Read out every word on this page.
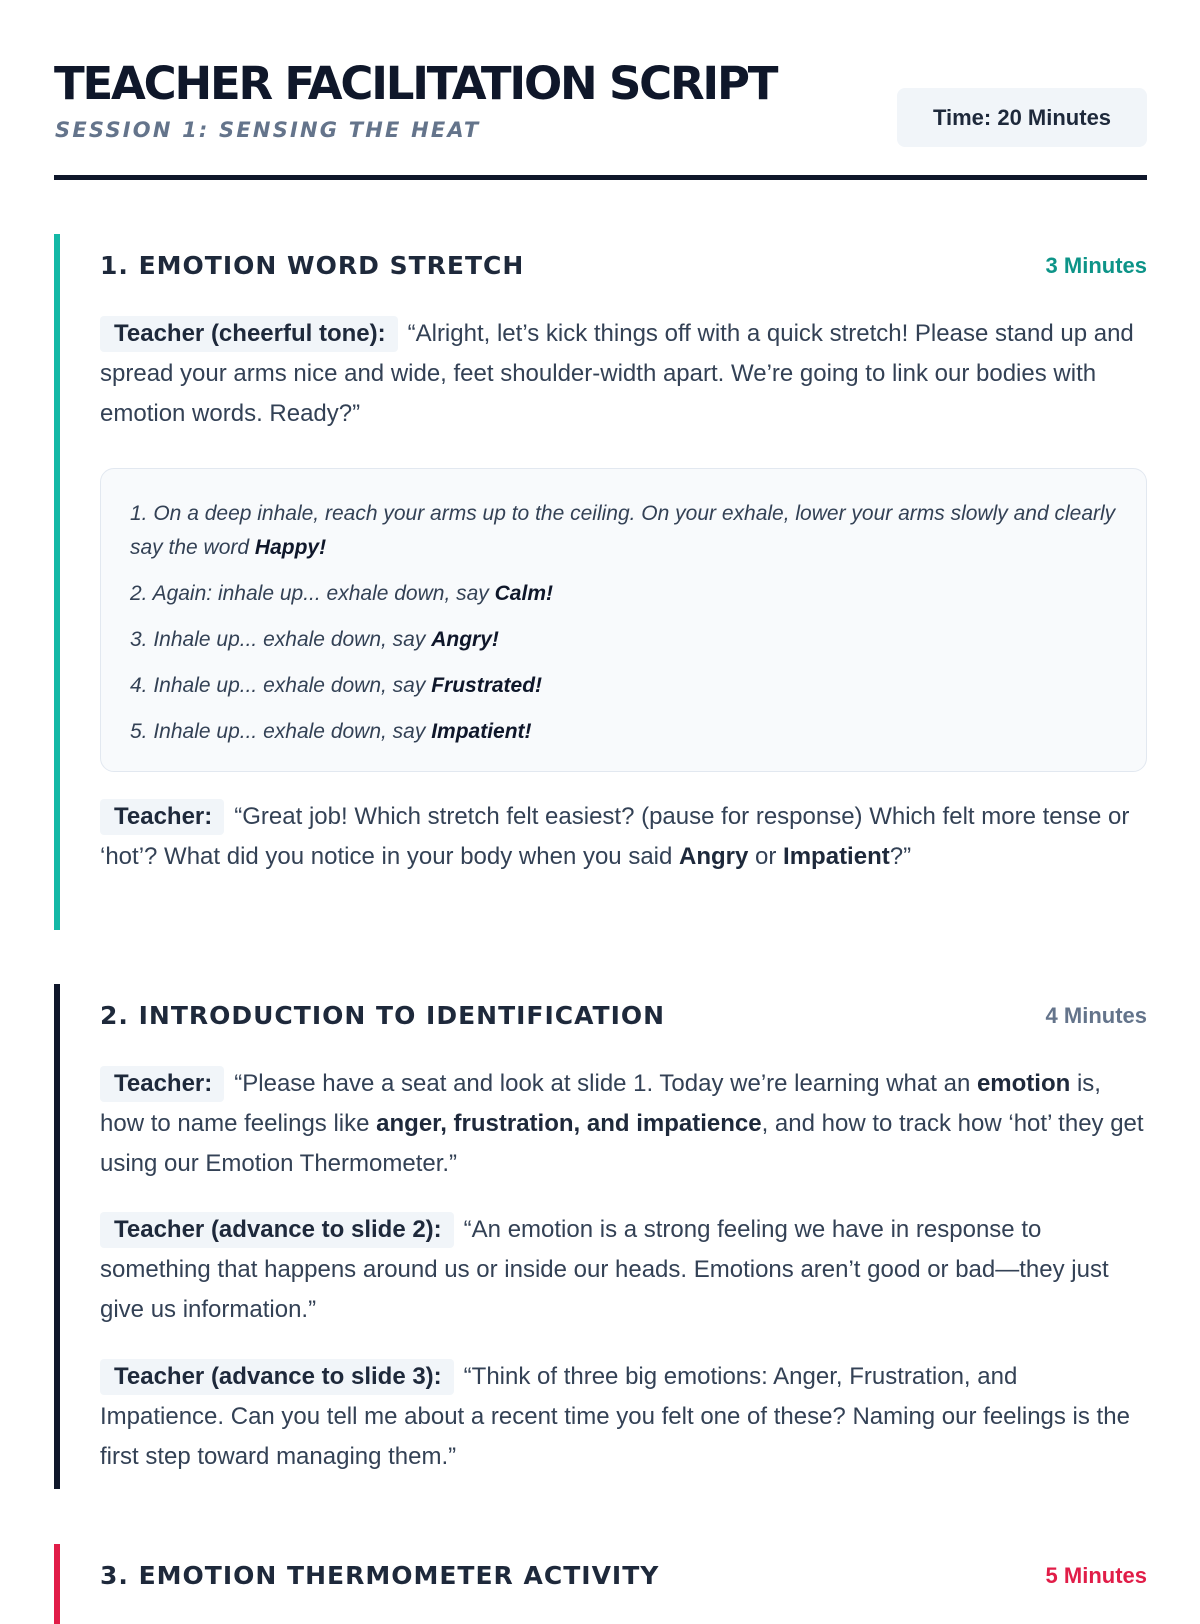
TEACHER FACILITATION SCRIPT
SESSION 1: SENSING THE HEAT
Time: 20 Minutes
1. EMOTION WORD STRETCH	3 Minutes
Teacher (cheerful tone): “Alright, let’s kick things off with a quick stretch! Please stand up and spread your arms nice and wide, feet shoulder-width apart. We’re going to link our bodies with emotion words. Ready?”
1. On a deep inhale, reach your arms up to the ceiling. On your exhale, lower your arms slowly and clearly say the word Happy!
2. Again: inhale up... exhale down, say Calm!
3. Inhale up... exhale down, say Angry!
4. Inhale up... exhale down, say Frustrated!
5. Inhale up... exhale down, say Impatient!
Teacher: “Great job! Which stretch felt easiest? (pause for response) Which felt more tense or ‘hot’? What did you notice in your body when you said Angry or Impatient?”
2. INTRODUCTION TO IDENTIFICATION	4 Minutes
Teacher: “Please have a seat and look at slide 1. Today we’re learning what an emotion is, how to name feelings like anger, frustration, and impatience, and how to track how ‘hot’ they get using our Emotion Thermometer.”
Teacher (advance to slide 2): “An emotion is a strong feeling we have in response to something that happens around us or inside our heads. Emotions aren’t good or bad—they just give us information.”
Teacher (advance to slide 3): “Think of three big emotions: Anger, Frustration, and Impatience. Can you tell me about a recent time you felt one of these? Naming our feelings is the first step toward managing them.”
3. EMOTION THERMOMETER ACTIVITY	5 Minutes
